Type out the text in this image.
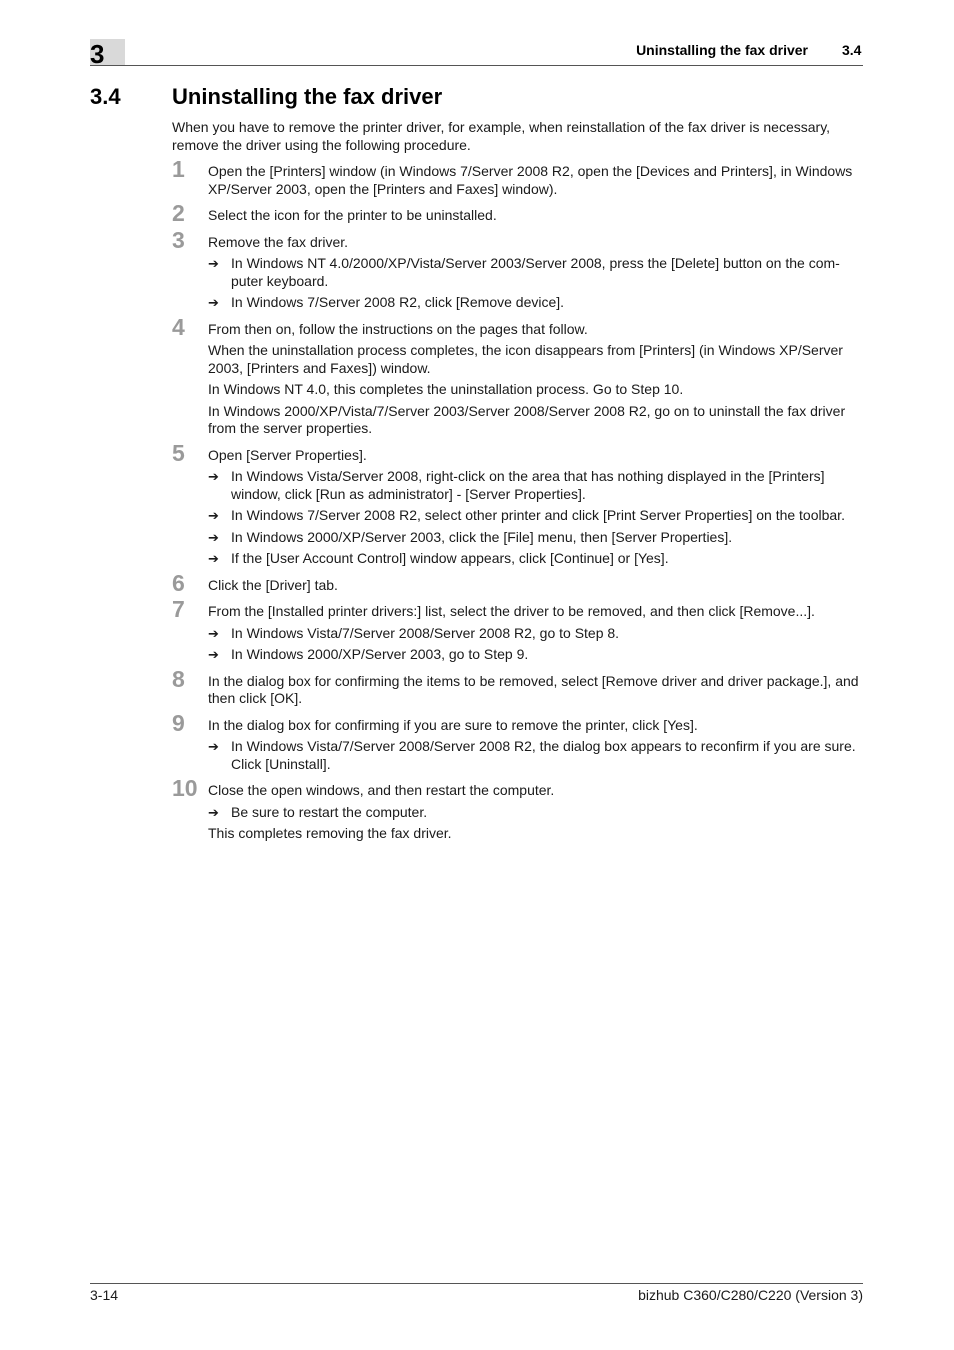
3	Uninstalling the fax driver 3.4
3.4 Uninstalling the fax driver

When you have to remove the printer driver, for example, when reinstallation of the fax driver is necessary, remove the driver using the following procedure.

1 Open the [Printers] window (in Windows 7/Server 2008 R2, open the [Devices and Printers], in Windows XP/Server 2003, open the [Printers and Faxes] window).

2 Select the icon for the printer to be uninstalled.

3 Remove the fax driver.

➔ In Windows NT 4.0/2000/XP/Vista/Server 2003/Server 2008, press the [Delete] button on the com-puter keyboard.
➔ In Windows 7/Server 2008 R2, click [Remove device].
4 From then on, follow the instructions on the pages that follow.

When the uninstallation process completes, the icon disappears from [Printers] (in Windows XP/Server 2003, [Printers and Faxes]) window.

In Windows NT 4.0, this completes the uninstallation process. Go to Step 10.

In Windows 2000/XP/Vista/7/Server 2003/Server 2008/Server 2008 R2, go on to uninstall the fax driver from the server properties.

5 Open [Server Properties].

➔ In Windows Vista/Server 2008, right-click on the area that has nothing displayed in the [Printers] window, click [Run as administrator] - [Server Properties].
➔ In Windows 7/Server 2008 R2, select other printer and click [Print Server Properties] on the toolbar.
➔ In Windows 2000/XP/Server 2003, click the [File] menu, then [Server Properties].
➔ If the [User Account Control] window appears, click [Continue] or [Yes].
6 Click the [Driver] tab.

7 From the [Installed printer drivers:] list, select the driver to be removed, and then click [Remove...].

➔ In Windows Vista/7/Server 2008/Server 2008 R2, go to Step 8.
➔ In Windows 2000/XP/Server 2003, go to Step 9.
8 In the dialog box for confirming the items to be removed, select [Remove driver and driver package.], and then click [OK].

9 In the dialog box for confirming if you are sure to remove the printer, click [Yes].

➔ In Windows Vista/7/Server 2008/Server 2008 R2, the dialog box appears to reconfirm if you are sure. Click [Uninstall].
10 Close the open windows, and then restart the computer.

➔ Be sure to restart the computer.

This completes removing the fax driver.

3-14	bizhub C360/C280/C220 (Version 3)
